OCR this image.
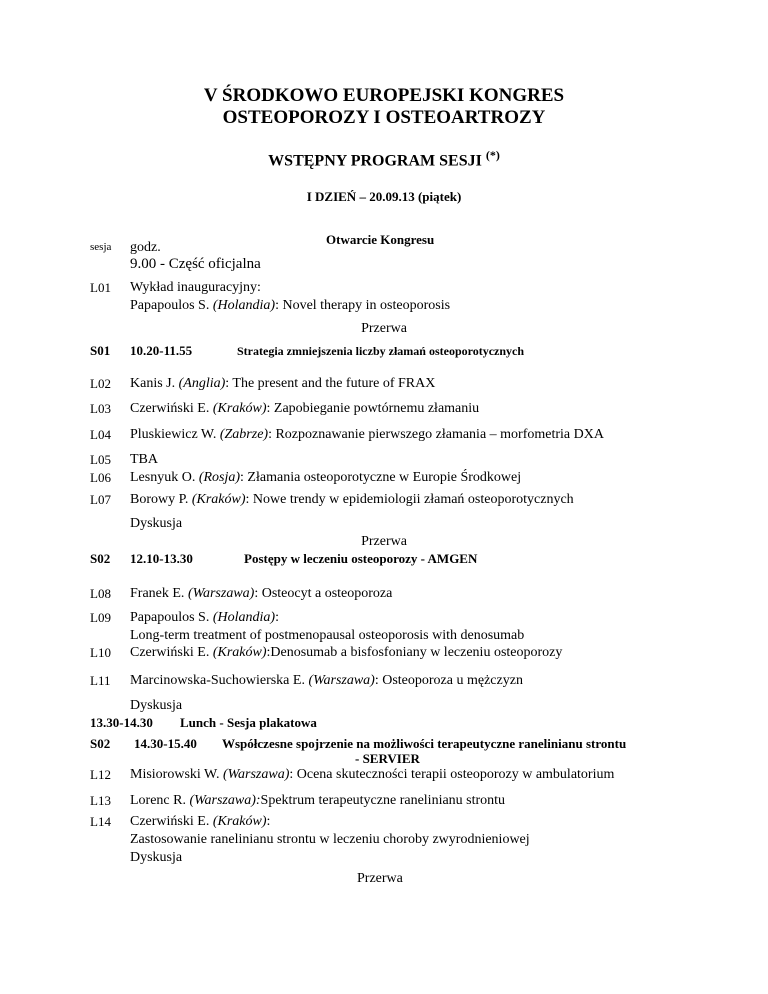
V ŚRODKOWO EUROPEJSKI KONGRES
OSTEOPOROZY I OSTEOARTROZY
WSTĘPNY PROGRAM SESJI (*)
I DZIEŃ – 20.09.13 (piątek)
Otwarcie Kongresu
sesja godz.
9.00 - Część oficjalna
L01 Wykład inauguracyjny:
Papapoulos S. (Holandia): Novel therapy in osteoporosis
Przerwa
S01 10.20-11.55	Strategia zmniejszenia liczby złamań osteoporotycznych
L02 Kanis J. (Anglia): The present and the future of FRAX
L03 Czerwiński E. (Kraków): Zapobieganie powtórnemu złamaniu
L04 Pluskiewicz W. (Zabrze): Rozpoznawanie pierwszego złamania – morfometria DXA
L05 TBA
L06 Lesnyuk O. (Rosja): Złamania osteoporotyczne w Europie Środkowej
L07 Borowy P. (Kraków): Nowe trendy w epidemiologii złamań osteoporotycznych
Dyskusja
Przerwa
S02 12.10-13.30	Postępy w leczeniu osteoporozy - AMGEN
L08 Franek E. (Warszawa): Osteocyt a osteoporoza
L09 Papapoulos S. (Holandia):
Long-term treatment of postmenopausal osteoporosis with denosumab
L10 Czerwiński E. (Kraków):Denosumab a bisfosfoniany w leczeniu osteoporozy
L11 Marcinowska-Suchowierska E. (Warszawa): Osteoporoza u mężczyzn
Dyskusja
13.30-14.30 Lunch - Sesja plakatowa
S02 14.30-15.40 Współczesne spojrzenie na możliwości terapeutyczne ranelinianu strontu
- SERVIER
L12 Misiorowski W. (Warszawa): Ocena skuteczności terapii osteoporozy w ambulatorium
L13 Lorenc R. (Warszawa):Spektrum terapeutyczne ranelinianu strontu
L14 Czerwiński E. (Kraków):
Zastosowanie ranelinianu strontu w leczeniu choroby zwyrodnieniowej
Dyskusja
Przerwa
